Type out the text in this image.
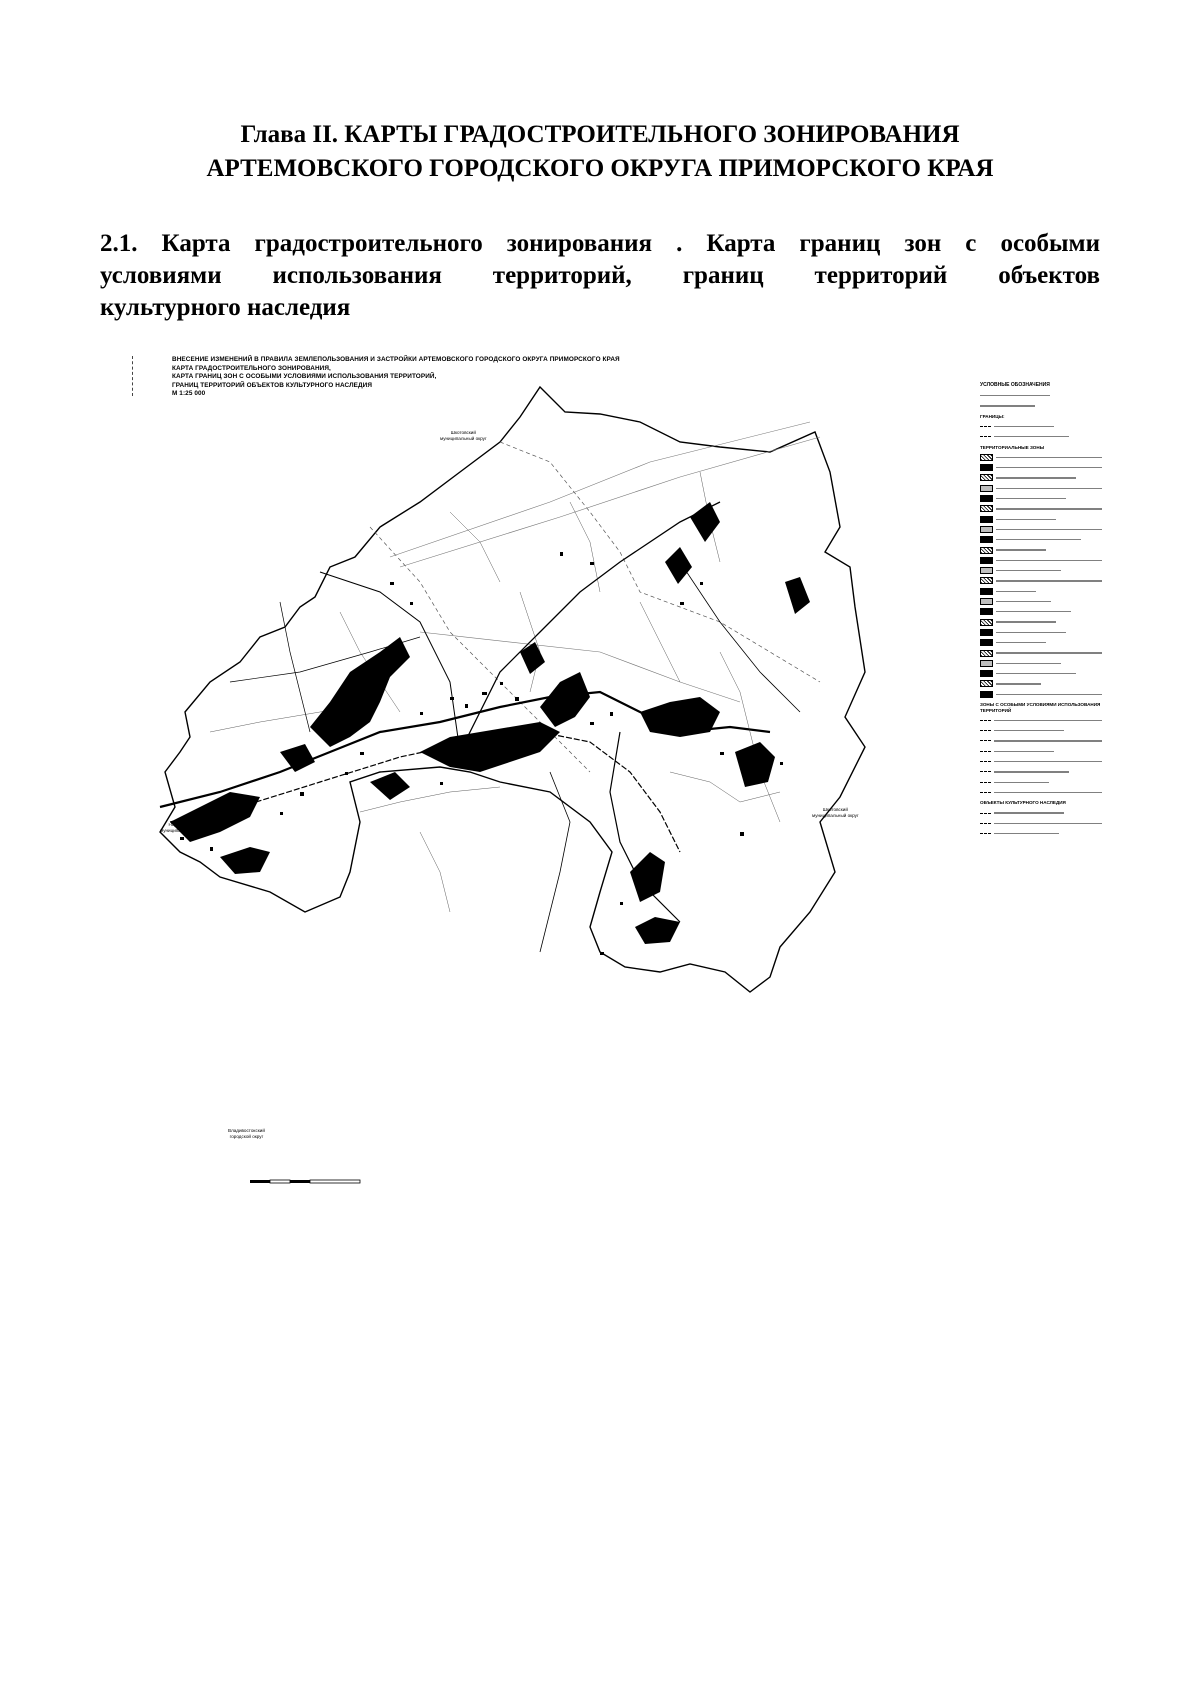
Глава II. КАРТЫ ГРАДОСТРОИТЕЛЬНОГО ЗОНИРОВАНИЯ
АРТЕМОВСКОГО ГОРОДСКОГО ОКРУГА ПРИМОРСКОГО КРАЯ
2.1. Карта градостроительного зонирования . Карта границ зон с особыми
условиями использования территорий, границ территорий объектов
культурного наследия
ВНЕСЕНИЕ ИЗМЕНЕНИЙ В ПРАВИЛА ЗЕМЛЕПОЛЬЗОВАНИЯ И ЗАСТРОЙКИ АРТЕМОВСКОГО ГОРОДСКОГО ОКРУГА ПРИМОРСКОГО КРАЯ
КАРТА ГРАДОСТРОИТЕЛЬНОГО ЗОНИРОВАНИЯ,
КАРТА ГРАНИЦ ЗОН С ОСОБЫМИ УСЛОВИЯМИ ИСПОЛЬЗОВАНИЯ ТЕРРИТОРИЙ,
ГРАНИЦ ТЕРРИТОРИЙ ОБЪЕКТОВ КУЛЬТУРНОГО НАСЛЕДИЯ
М 1:25 000
Шкотовский
муниципальный округ
Надеждинский
муниципальный район
Шкотовский
муниципальный округ
Владивостокский
городской округ
УСЛОВНЫЕ ОБОЗНАЧЕНИЯ
ГРАНИЦЫ:
ТЕРРИТОРИАЛЬНЫЕ ЗОНЫ
ЗОНЫ С ОСОБЫМИ УСЛОВИЯМИ ИСПОЛЬЗОВАНИЯ ТЕРРИТОРИЙ
ОБЪЕКТЫ КУЛЬТУРНОГО НАСЛЕДИЯ
